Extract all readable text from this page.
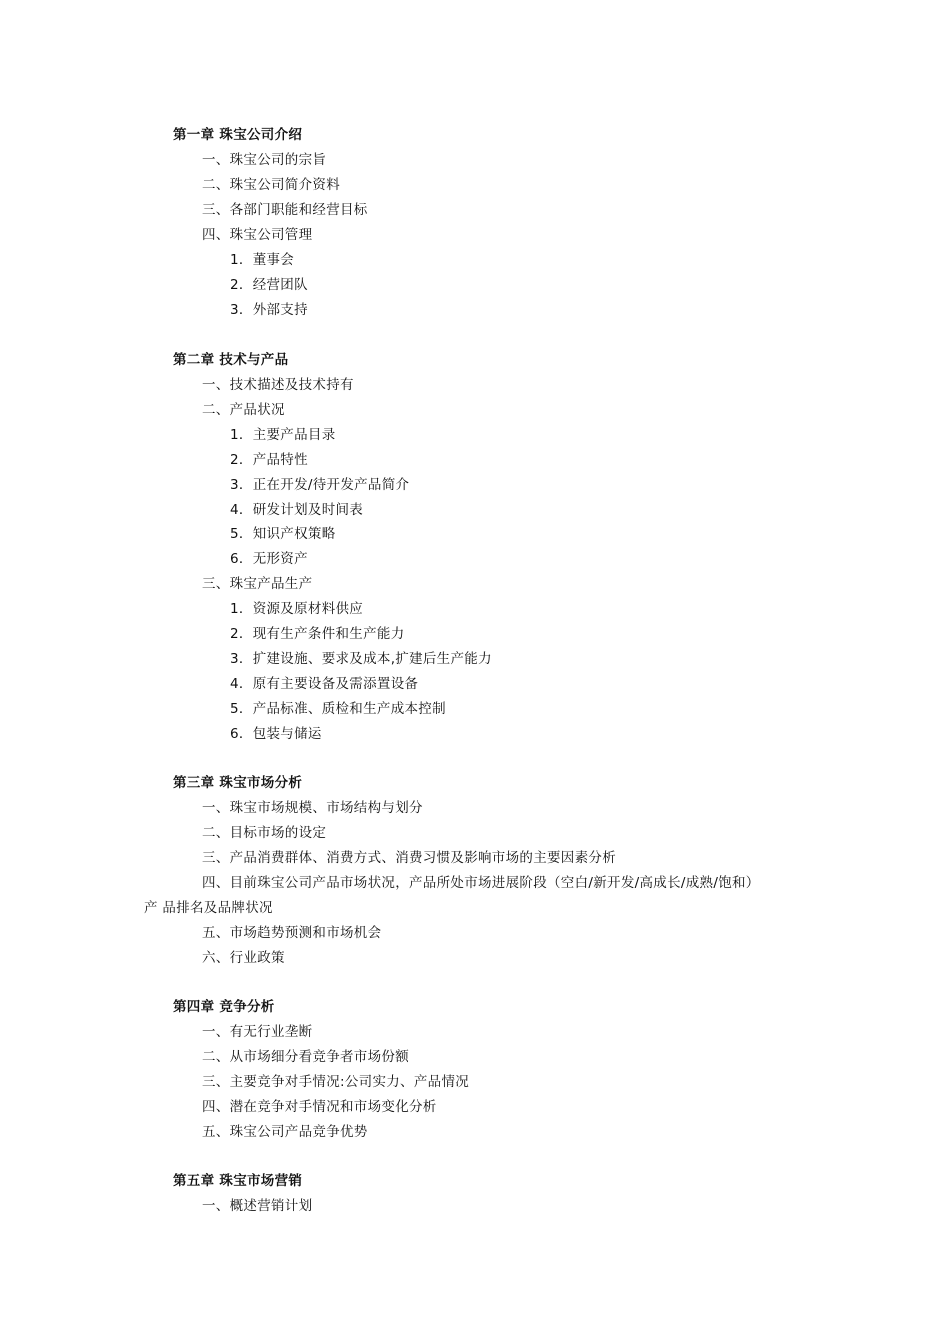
第一章 珠宝公司介绍
一、珠宝公司的宗旨
二、珠宝公司简介资料
三、各部门职能和经营目标
四、珠宝公司管理
1．董事会
2．经营团队
3．外部支持
第二章 技术与产品
一、技术描述及技术持有
二、产品状况
1．主要产品目录
2．产品特性
3．正在开发/待开发产品简介
4．研发计划及时间表
5．知识产权策略
6．无形资产
三、珠宝产品生产
1．资源及原材料供应
2．现有生产条件和生产能力
3．扩建设施、要求及成本,扩建后生产能力
4．原有主要设备及需添置设备
5．产品标准、质检和生产成本控制
6．包装与储运
第三章 珠宝市场分析
一、珠宝市场规模、市场结构与划分
二、目标市场的设定
三、产品消费群体、消费方式、消费习惯及影响市场的主要因素分析
四、目前珠宝公司产品市场状况，产品所处市场进展阶段（空白/新开发/高成长/成熟/饱和）
产 品排名及品牌状况
五、市场趋势预测和市场机会
六、行业政策
第四章 竞争分析
一、有无行业垄断
二、从市场细分看竞争者市场份额
三、主要竞争对手情况:公司实力、产品情况
四、潜在竞争对手情况和市场变化分析
五、珠宝公司产品竞争优势
第五章 珠宝市场营销
一、概述营销计划
